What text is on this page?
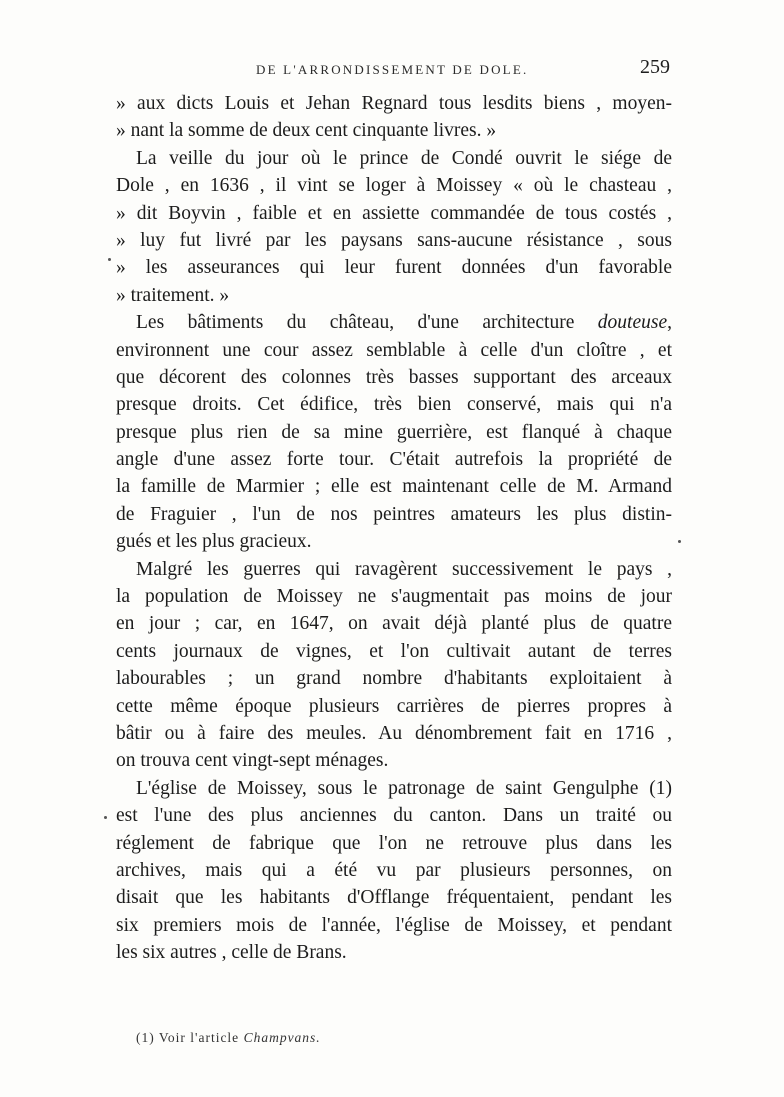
DE L'ARRONDISSEMENT DE DOLE.	259
» aux dicts Louis et Jehan Regnard tous lesdits biens , moyen-
» nant la somme de deux cent cinquante livres. »
La veille du jour où le prince de Condé ouvrit le siége de
Dole , en 1636 , il vint se loger à Moissey « où le chasteau ,
» dit Boyvin , faible et en assiette commandée de tous costés ,
» luy fut livré par les paysans sans-aucune résistance , sous
» les asseurances qui leur furent données d'un favorable
» traitement. »
Les bâtiments du château, d'une architecture douteuse,
environnent une cour assez semblable à celle d'un cloître , et
que décorent des colonnes très basses supportant des arceaux
presque droits. Cet édifice, très bien conservé, mais qui n'a
presque plus rien de sa mine guerrière, est flanqué à chaque
angle d'une assez forte tour. C'était autrefois la propriété de
la famille de Marmier ; elle est maintenant celle de M. Armand
de Fraguier , l'un de nos peintres amateurs les plus distin-
gués et les plus gracieux.
Malgré les guerres qui ravagèrent successivement le pays ,
la population de Moissey ne s'augmentait pas moins de jour
en jour ; car, en 1647, on avait déjà planté plus de quatre
cents journaux de vignes, et l'on cultivait autant de terres
labourables ; un grand nombre d'habitants exploitaient à
cette même époque plusieurs carrières de pierres propres à
bâtir ou à faire des meules. Au dénombrement fait en 1716 ,
on trouva cent vingt-sept ménages.
L'église de Moissey, sous le patronage de saint Gengulphe (1)
est l'une des plus anciennes du canton. Dans un traité ou
réglement de fabrique que l'on ne retrouve plus dans les
archives, mais qui a été vu par plusieurs personnes, on
disait que les habitants d'Offlange fréquentaient, pendant les
six premiers mois de l'année, l'église de Moissey, et pendant
les six autres , celle de Brans.
(1) Voir l'article Champvans.
